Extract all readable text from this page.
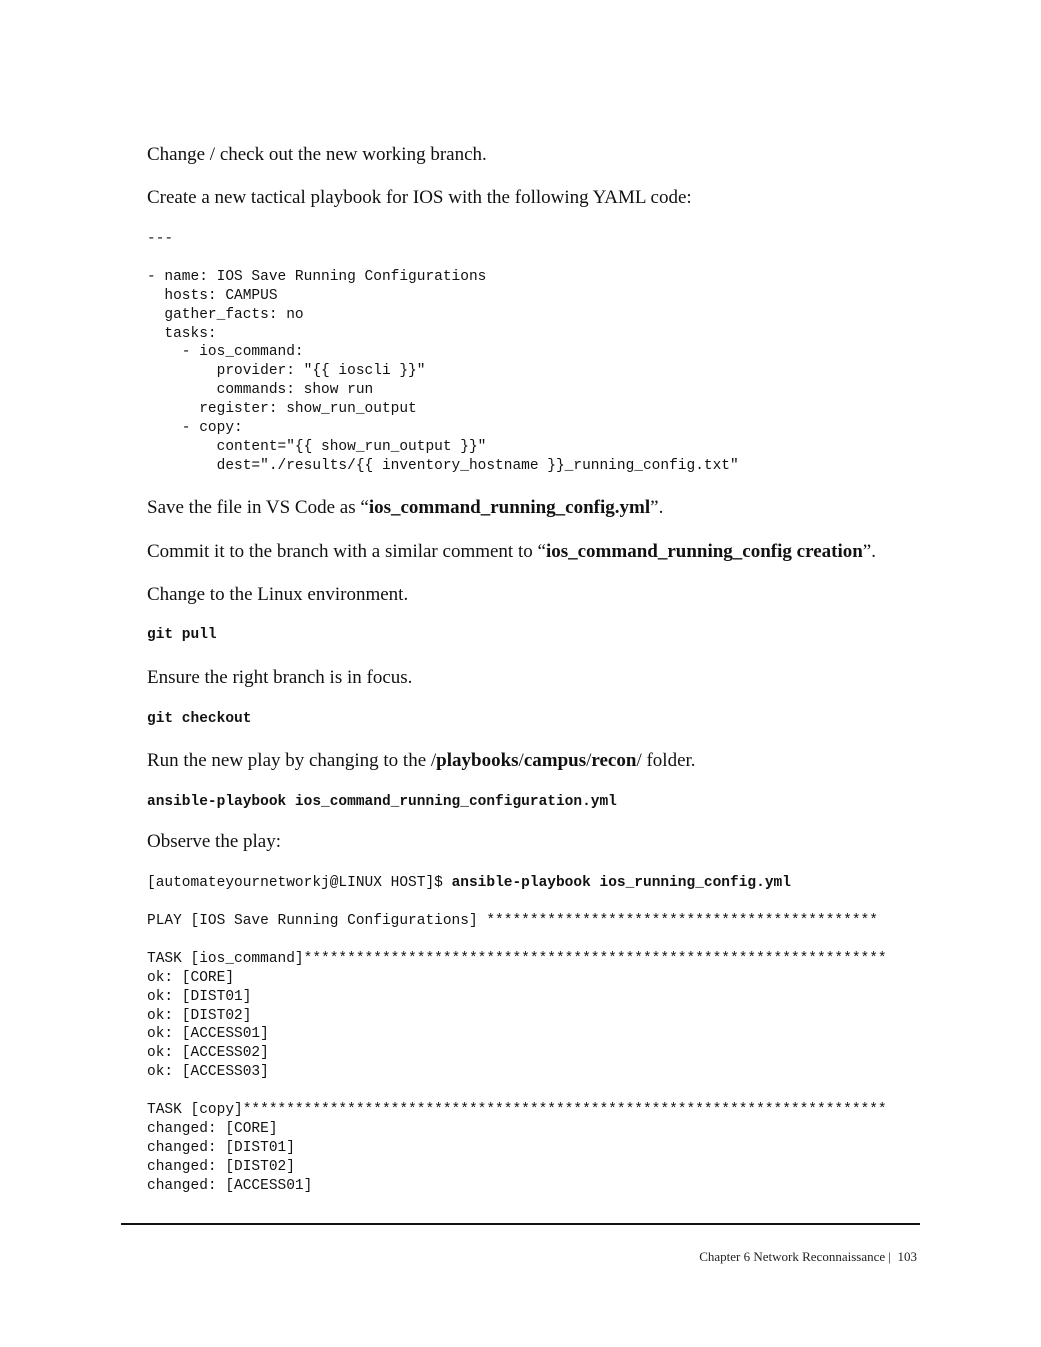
Change / check out the new working branch.
Create a new tactical playbook for IOS with the following YAML code:
---

- name: IOS Save Running Configurations
hosts: CAMPUS
gather_facts: no
tasks:
- ios_command:
provider: "{{ ioscli }}"
commands: show run
register: show_run_output
- copy:
content="{{ show_run_output }}"
dest="./results/{{ inventory_hostname }}_running_config.txt"
Save the file in VS Code as “ios_command_running_config.yml”.
Commit it to the branch with a similar comment to “ios_command_running_config creation”.
Change to the Linux environment.
git pull
Ensure the right branch is in focus.
git checkout
Run the new play by changing to the /playbooks/campus/recon/ folder.
ansible-playbook ios_command_running_configuration.yml
Observe the play:
[automateyournetworkj@LINUX HOST]$ ansible-playbook ios_running_config.yml
PLAY [IOS Save Running Configurations] *********************************************

TASK [ios_command]*******************************************************************
ok: [CORE]
ok: [DIST01]
ok: [DIST02]
ok: [ACCESS01]
ok: [ACCESS02]
ok: [ACCESS03]

TASK [copy]**************************************************************************
changed: [CORE]
changed: [DIST01]
changed: [DIST02]
changed: [ACCESS01]
Chapter 6 Network Reconnaissance | 103
